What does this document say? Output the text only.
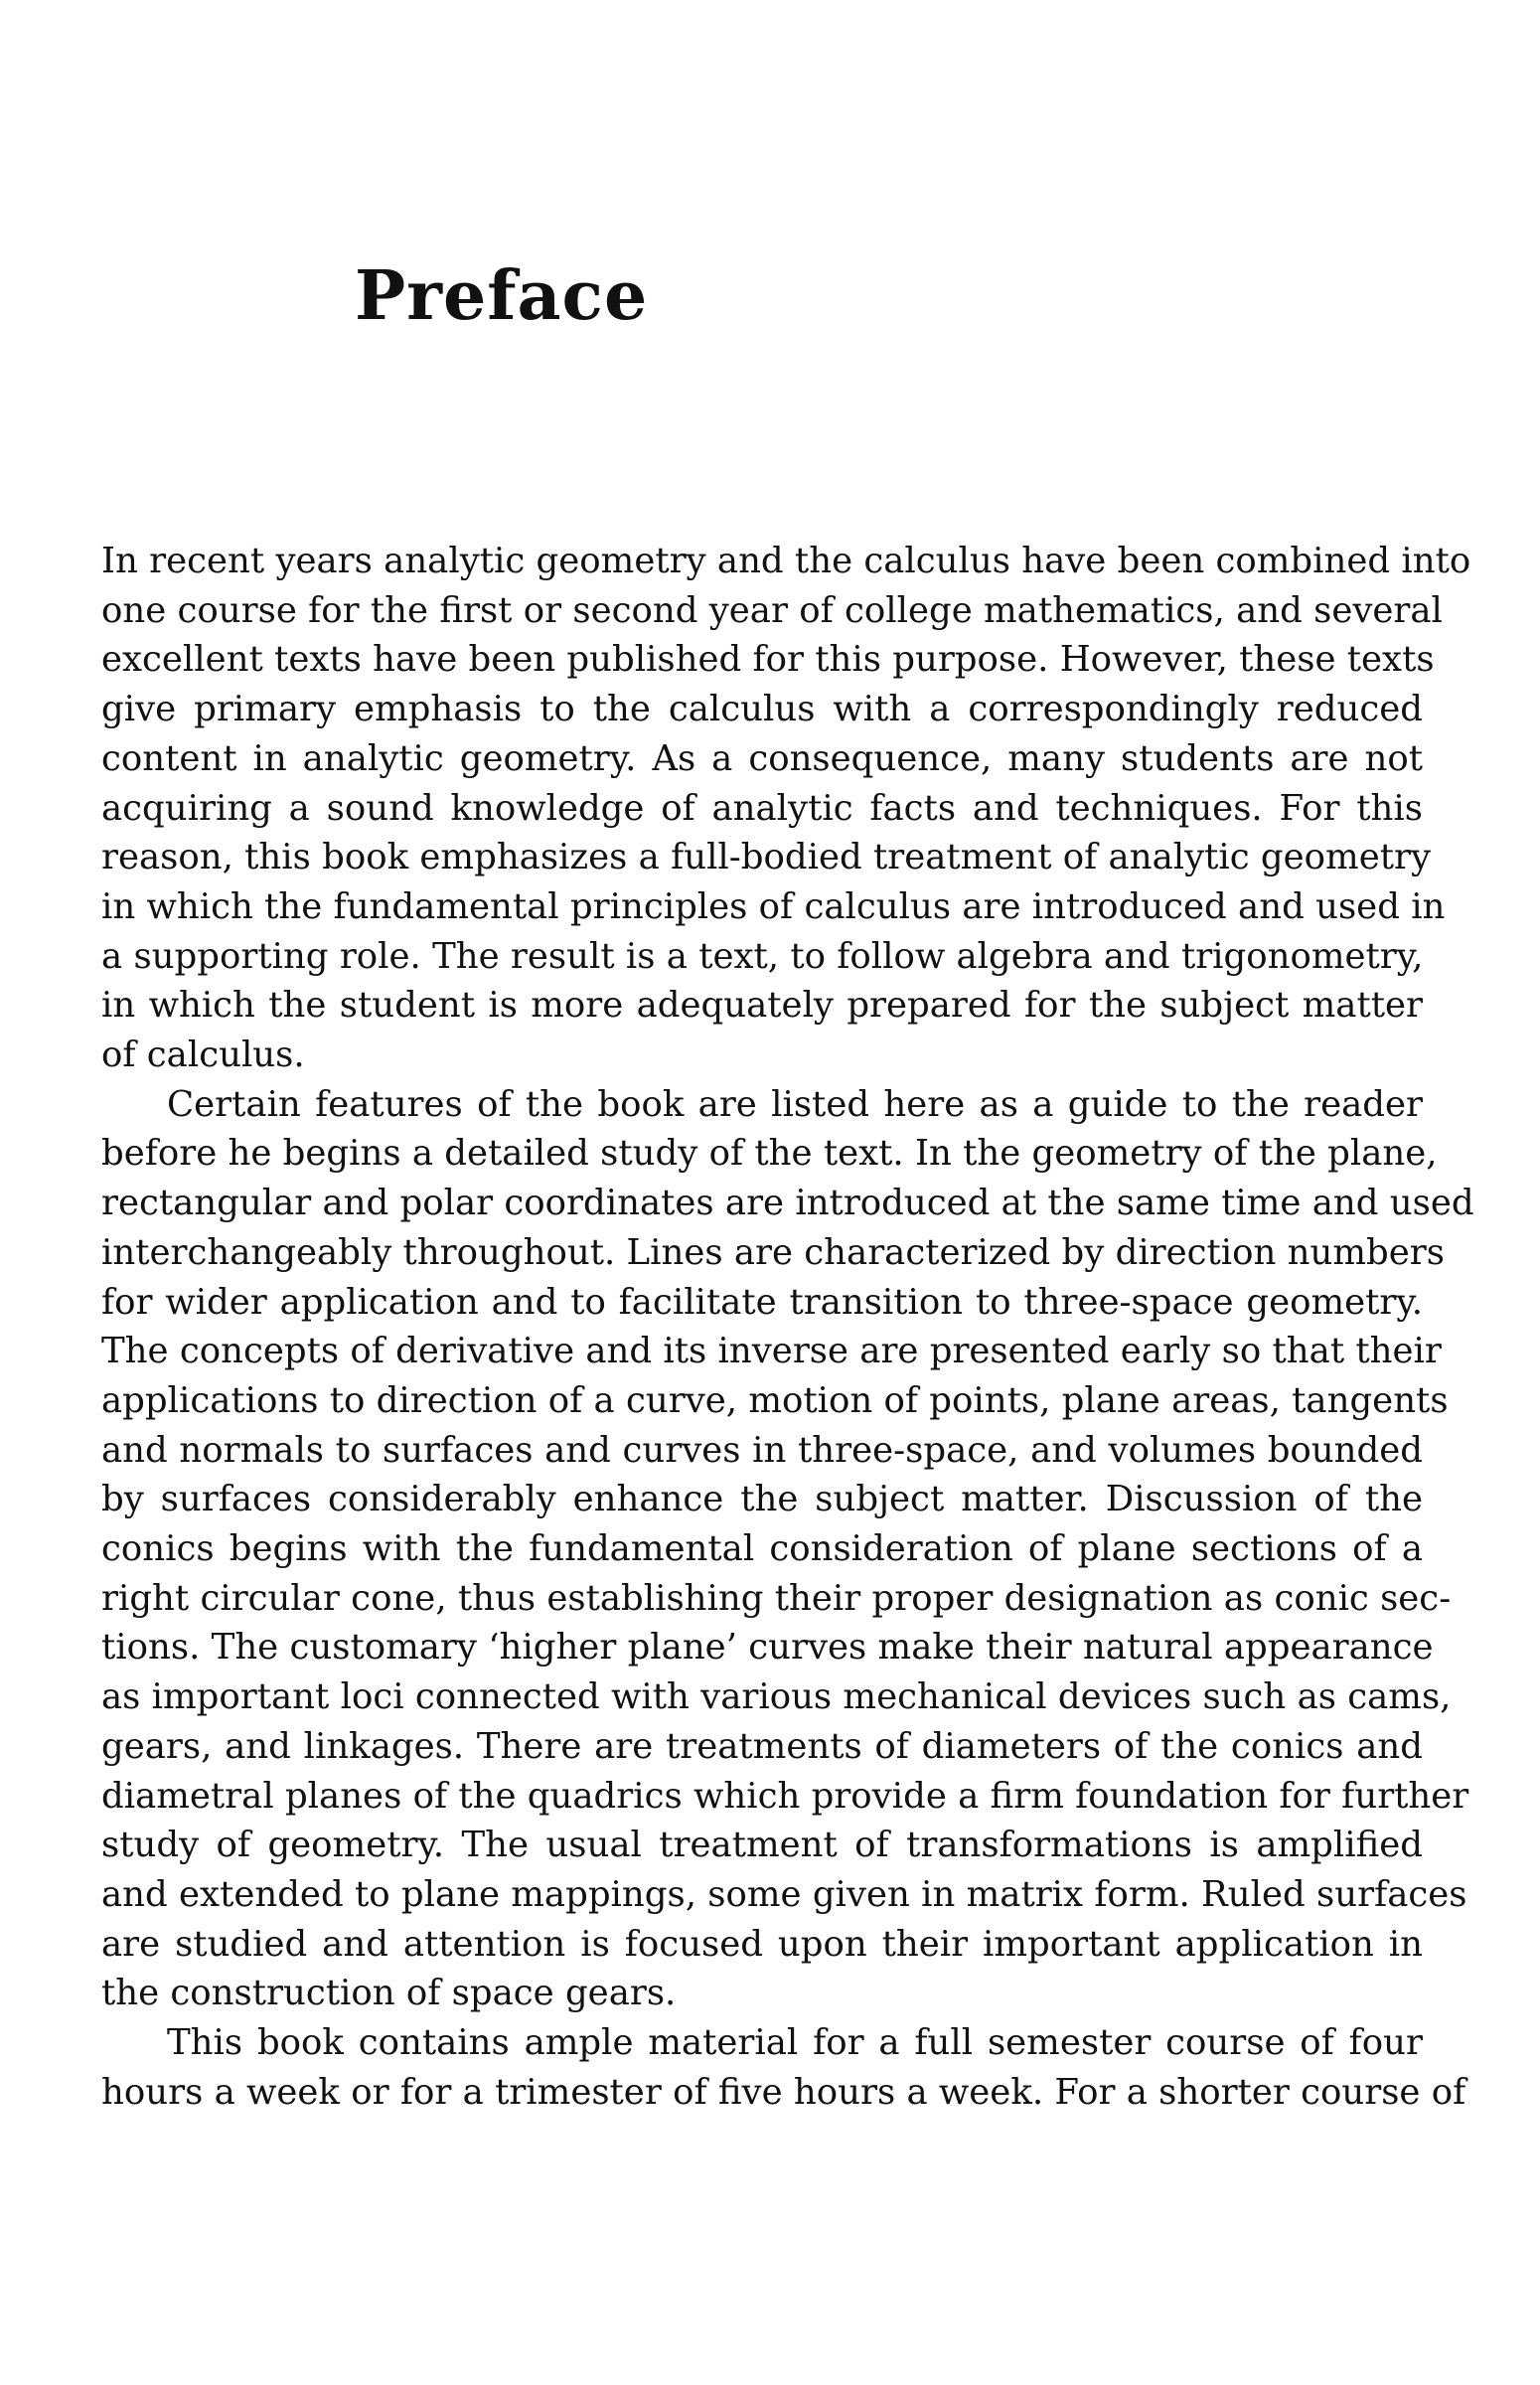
Preface

In recent years analytic geometry and the calculus have been combined into
one course for the first or second year of college mathematics, and several
excellent texts have been published for this purpose. However, these texts
give primary emphasis to the calculus with a correspondingly reduced
content in analytic geometry. As a consequence, many students are not
acquiring a sound knowledge of analytic facts and techniques. For this
reason, this book emphasizes a full-bodied treatment of analytic geometry
in which the fundamental principles of calculus are introduced and used in
a supporting role. The result is a text, to follow algebra and trigonometry,
in which the student is more adequately prepared for the subject matter
of calculus.

Certain features of the book are listed here as a guide to the reader
before he begins a detailed study of the text. In the geometry of the plane,
rectangular and polar coordinates are introduced at the same time and used
interchangeably throughout. Lines are characterized by direction numbers
for wider application and to facilitate transition to three-space geometry.
The concepts of derivative and its inverse are presented early so that their
applications to direction of a curve, motion of points, plane areas, tangents
and normals to surfaces and curves in three-space, and volumes bounded
by surfaces considerably enhance the subject matter. Discussion of the
conics begins with the fundamental consideration of plane sections of a
right circular cone, thus establishing their proper designation as conic sec-
tions. The customary ‘higher plane’ curves make their natural appearance
as important loci connected with various mechanical devices such as cams,
gears, and linkages. There are treatments of diameters of the conics and
diametral planes of the quadrics which provide a firm foundation for further
study of geometry. The usual treatment of transformations is amplified
and extended to plane mappings, some given in matrix form. Ruled surfaces
are studied and attention is focused upon their important application in
the construction of space gears.

This book contains ample material for a full semester course of four
hours a week or for a trimester of five hours a week. For a shorter course of
